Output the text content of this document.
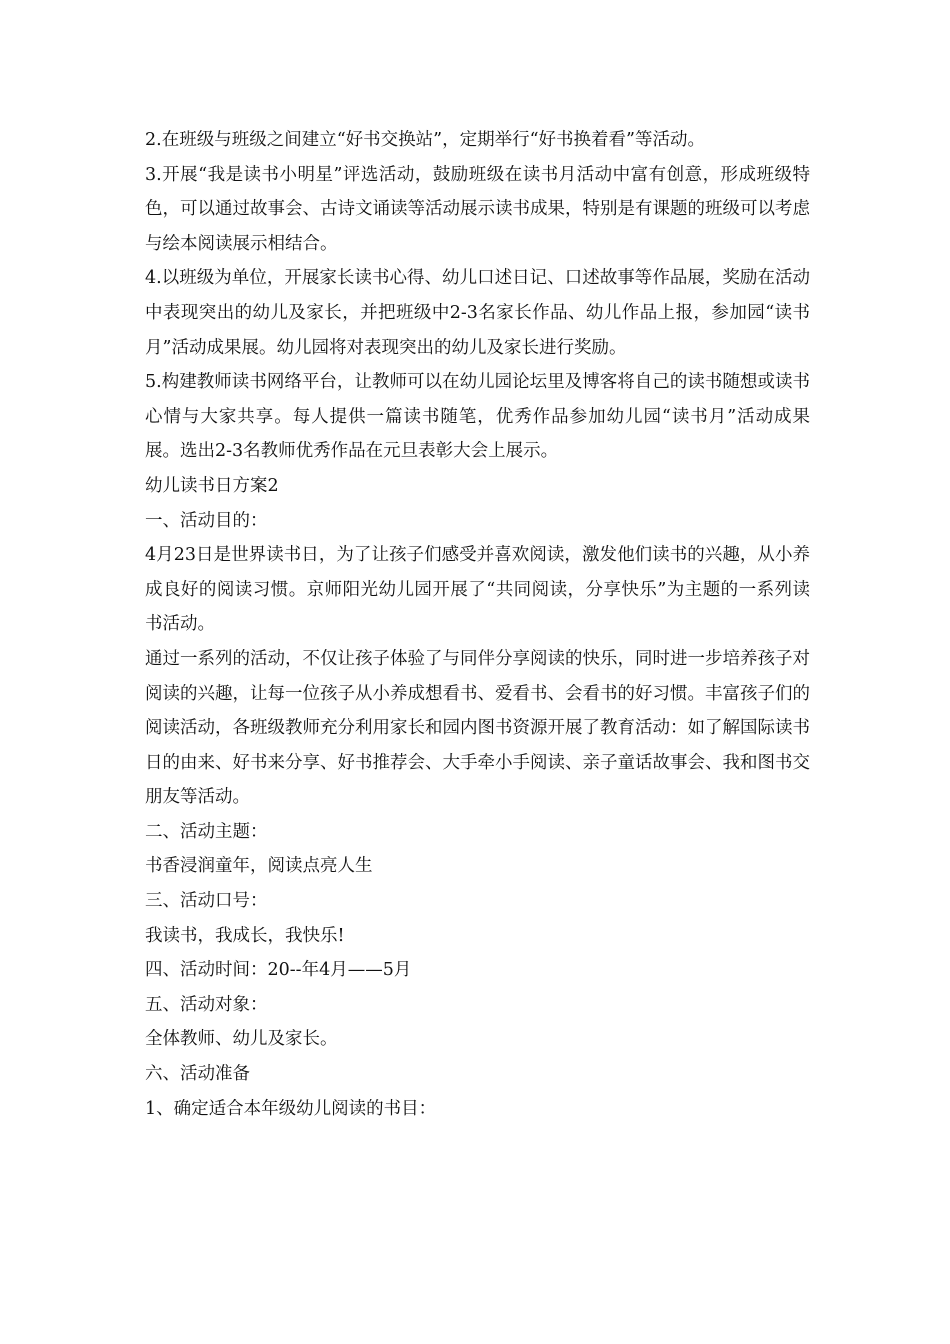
2.在班级与班级之间建立“好书交换站”，定期举行“好书换着看”等活动。

3.开展“我是读书小明星”评选活动，鼓励班级在读书月活动中富有创意，形成班级特色，可以通过故事会、古诗文诵读等活动展示读书成果，特别是有课题的班级可以考虑与绘本阅读展示相结合。

4.以班级为单位，开展家长读书心得、幼儿口述日记、口述故事等作品展，奖励在活动中表现突出的幼儿及家长，并把班级中2-3名家长作品、幼儿作品上报，参加园“读书月”活动成果展。幼儿园将对表现突出的幼儿及家长进行奖励。

5.构建教师读书网络平台，让教师可以在幼儿园论坛里及博客将自己的读书随想或读书心情与大家共享。每人提供一篇读书随笔，优秀作品参加幼儿园“读书月”活动成果展。选出2-3名教师优秀作品在元旦表彰大会上展示。

幼儿读书日方案2

一、活动目的：

4月23日是世界读书日，为了让孩子们感受并喜欢阅读，激发他们读书的兴趣，从小养成良好的阅读习惯。京师阳光幼儿园开展了“共同阅读，分享快乐”为主题的一系列读书活动。

通过一系列的活动，不仅让孩子体验了与同伴分享阅读的快乐，同时进一步培养孩子对阅读的兴趣，让每一位孩子从小养成想看书、爱看书、会看书的好习惯。丰富孩子们的阅读活动，各班级教师充分利用家长和园内图书资源开展了教育活动：如了解国际读书日的由来、好书来分享、好书推荐会、大手牵小手阅读、亲子童话故事会、我和图书交朋友等活动。

二、活动主题：

书香浸润童年，阅读点亮人生

三、活动口号：

我读书，我成长，我快乐!

四、活动时间：20--年4月——5月

五、活动对象：

全体教师、幼儿及家长。

六、活动准备

1、确定适合本年级幼儿阅读的书目：
